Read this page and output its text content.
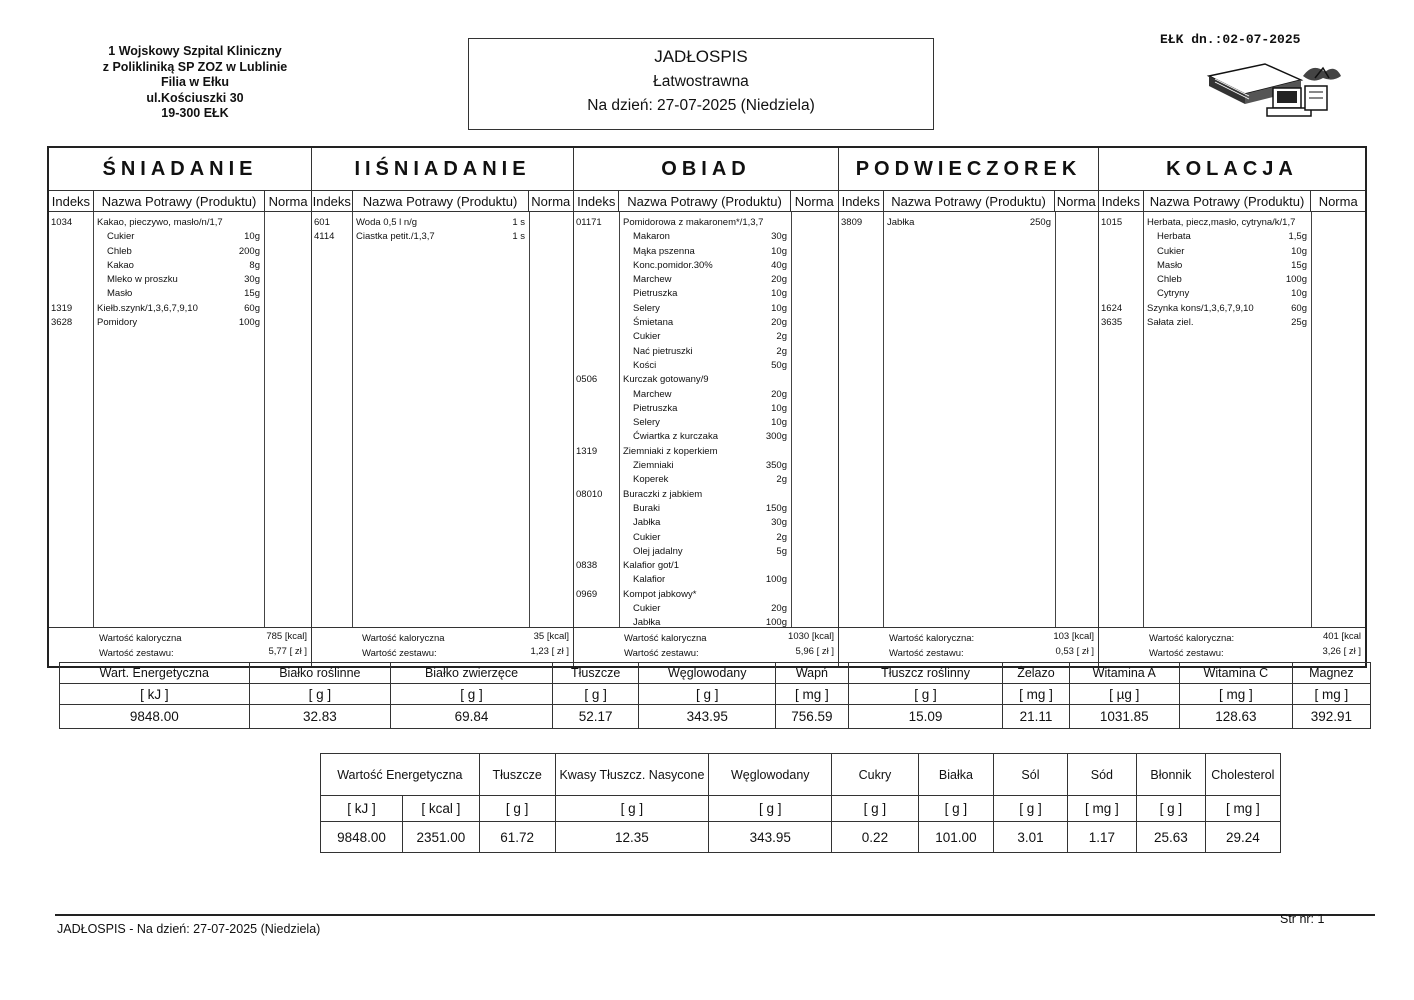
1 Wojskowy Szpital Kliniczny
z Polikliniką SP ZOZ w Lublinie
Filia w Ełku
ul.Kościuszki 30
19-300 EŁK
JADŁOSPIS
Łatwostrawna
Na dzień: 27-07-2025 (Niedziela)
EŁK dn.:02-07-2025
ŚNIADANIE
Indeks Nazwa Potrawy (Produktu) Norma
1034	Kakao, pieczywo, masło/n/1,7
Cukier	10g
Chleb	200g
Kakao	8g
Mleko w proszku	30g
Masło	15g
1319	Kiełb.szynk/1,3,6,7,9,10	60g
3628	Pomidory	100g
Wartość kaloryczna	785 [kcal]
Wartość zestawu:	5,77 [ zł ]
IIŚNIADANIE
Indeks Nazwa Potrawy (Produktu)	Norma
601	Woda 0,5 l n/g	1 s
4114 Ciastka petit./1,3,7	1 s
Wartość kaloryczna	35 [kcal]
Wartość zestawu:	1,23 [ zł ]
OBIAD
Indeks Nazwa Potrawy (Produktu) Norma
01171 Pomidorowa z makaronem*/1,3,7
Makaron	30g
Mąka pszenna	10g
Konc.pomidor.30%	40g
Marchew	20g
Pietruszka	10g
Selery	10g
Śmietana	20g
Cukier	2g
Nać pietruszki	2g
Kości	50g
0506	Kurczak gotowany/9
Marchew	20g
Pietruszka	10g
Selery	10g
Ćwiartka z kurczaka	300g
1319	Ziemniaki z koperkiem
Ziemniaki	350g
Koperek	2g
08010 Buraczki z jabkiem
Buraki	150g
Jabłka	30g
Cukier	2g
Olej jadalny	5g
0838	Kalafior got/1
Kalafior	100g
0969	Kompot jabkowy*
Cukier	20g
Jabłka	100g
Wartość kaloryczna	1030 [kcal]
Wartość zestawu:	5,96 [ zł ]
PODWIECZOREK
Indeks Nazwa Potrawy (Produktu) Norma
3809	Jabłka	250g
Wartość kaloryczna:	103 [kcal]
Wartość zestawu:	0,53 [ zł ]
KOLACJA
Indeks Nazwa Potrawy (Produktu)	Norma
1015	Herbata, piecz,masło, cytryna/k/1,7
Herbata	1,5g
Cukier	10g
Masło	15g
Chleb	100g
Cytryny	10g
1624	Szynka kons/1,3,6,7,9,10	60g
3635	Sałata ziel.	25g
Wartość kaloryczna:	401 [kcal
Wartość zestawu:	3,26 [ zł ]
Wart. Energetyczna	Białko roślinne	Białko zwierzęce	Tłuszcze	Węglowodany	Wapń	Tłuszcz roślinny	Żelazo	Witamina A	Witamina C	Magnez
[ kJ ]	[ g ]	[ g ]	[ g ]	[ g ]	[ mg ]	[ g ]	[ mg ]	[ µg ]	[ mg ]	[ mg ]
9848.00	32.83	69.84	52.17	343.95	756.59	15.09	21.11	1031.85	128.63	392.91
Wartość Energetyczna		Tłuszcze	Kwasy Tłuszcz. Nasycone	Węglowodany	Cukry	Białka	Sól	Sód	Błonnik	Cholesterol
[ kJ ]	[ kcal ]	[ g ]	[ g ]	[ g ]	[ g ]	[ g ]	[ g ]	[ mg ]	[ g ]	[ mg ]
9848.00	2351.00	61.72	12.35	343.95	0.22	101.00	3.01	1.17	25.63	29.24
JADŁOSPIS - Na dzień: 27-07-2025 (Niedziela)
Str nr: 1
